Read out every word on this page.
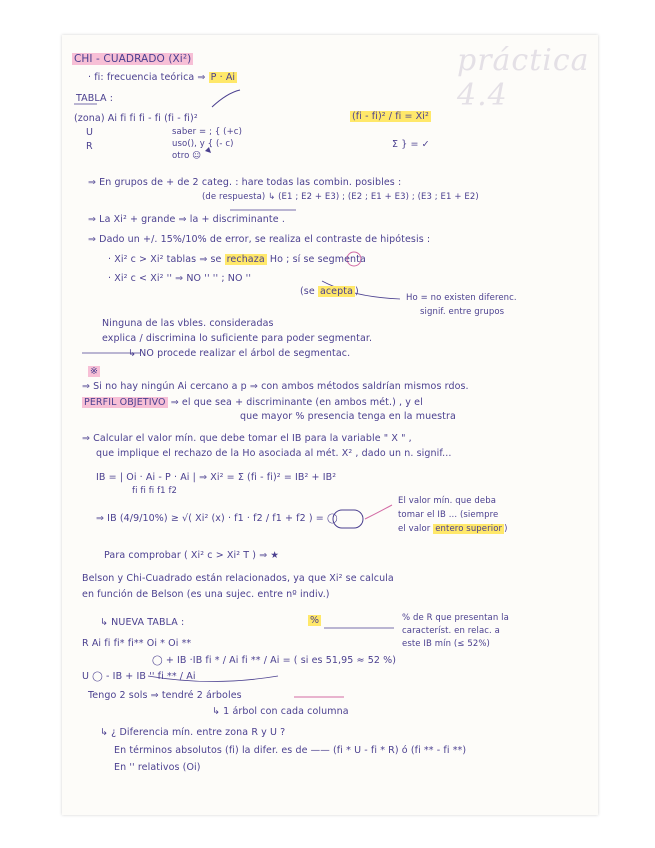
práctica 4.4
CHI - CUADRADO (Xi²)
· fi: frecuencia teórica ⇒ P · Ai
TABLA :
(zona) Ai fi fi fi - fi (fi - fi)²	(fi - fi)² / fi = Xi²
U
R
saber = ; { (+c)
uso(), y { (- c)
otro ☺
Σ } = ✓
⇒ En grupos de + de 2 categ. : hare todas las combin. posibles :
(de respuesta) ↳ (E1 ; E2 + E3) ; (E2 ; E1 + E3) ; (E3 ; E1 + E2)
⇒ La Xi² + grande ⇒ la + discriminante .
⇒ Dado un +/. 15%/10% de error, se realiza el contraste de hipótesis :
· Xi² c > Xi² tablas ⇒ se rechaza Ho ; sí se segmenta
· Xi² c < Xi² '' ⇒ NO '' '' ; NO ''
(se acepta )
Ho = no existen diferenc.
signif. entre grupos
Ninguna de las vbles. consideradas
explica / discrimina lo suficiente para poder segmentar.
↳ NO procede realizar el árbol de segmentac.
※
⇒ Si no hay ningún Ai cercano a p ⇒ con ambos métodos saldrían mismos rdos.
PERFIL OBJETIVO ⇒ el que sea + discriminante (en ambos mét.) , y el
que mayor % presencia tenga en la muestra
⇒ Calcular el valor mín. que debe tomar el IB para la variable " X " ,
que implique el rechazo de la Ho asociada al mét. X² , dado un n. signif...
IB = | Oi · Ai - P · Ai | ⇒ Xi² = Σ (fi - fi)² = IB² + IB²
fi fi fi f1 f2
⇒ IB (4/9/10%) ≥ √( Xi² (x) · f1 · f2 / f1 + f2 ) = ◯
El valor mín. que deba
tomar el IB ... (siempre
el valor entero superior )
Para comprobar ( Xi² c > Xi² T ) ⇒ ★
Belson y Chi-Cuadrado están relacionados, ya que Xi² se calcula
en función de Belson (es una sujec. entre nº indiv.)
↳ NUEVA TABLA :	%	% de R que presentan la
característ. en relac. a
este IB mín (≤ 52%)
R Ai fi fi* fi** Oi * Oi **
◯ + IB ·IB fi * / Ai fi ** / Ai = ( si es 51,95 ≈ 52 %)
U ◯ - IB + IB '' fi ** / Ai
Tengo 2 sols ⇒ tendré 2 árboles
↳ 1 árbol con cada columna
↳ ¿ Diferencia mín. entre zona R y U ?
En términos absolutos (fi) la difer. es de —— (fi * U - fi * R) ó (fi ** - fi **)
En '' relativos (Oi)
